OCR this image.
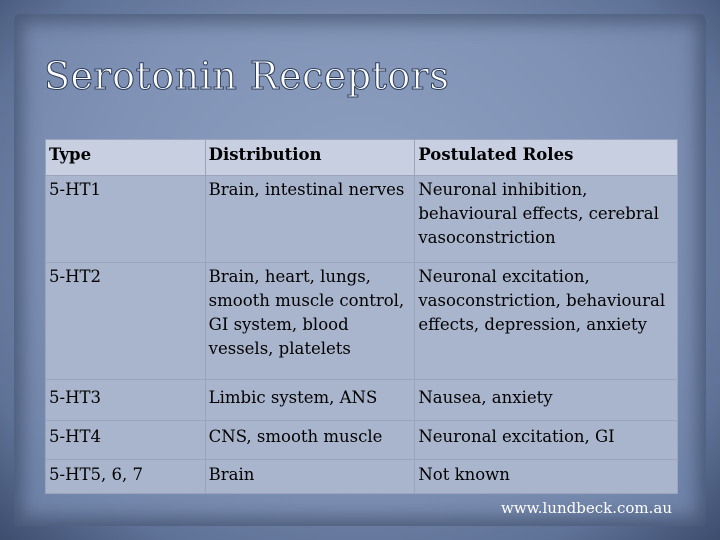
Serotonin Receptors
Type	Distribution	Postulated Roles
5-HT1	Brain, intestinal nerves	Neuronal inhibition, behavioural effects, cerebral vasoconstriction
5-HT2	Brain, heart, lungs, smooth muscle control, GI system, blood vessels, platelets	Neuronal excitation, vasoconstriction, behavioural effects, depression, anxiety
5-HT3	Limbic system, ANS	Nausea, anxiety
5-HT4	CNS, smooth muscle	Neuronal excitation, GI
5-HT5, 6, 7	Brain	Not known
www.lundbeck.com.au
